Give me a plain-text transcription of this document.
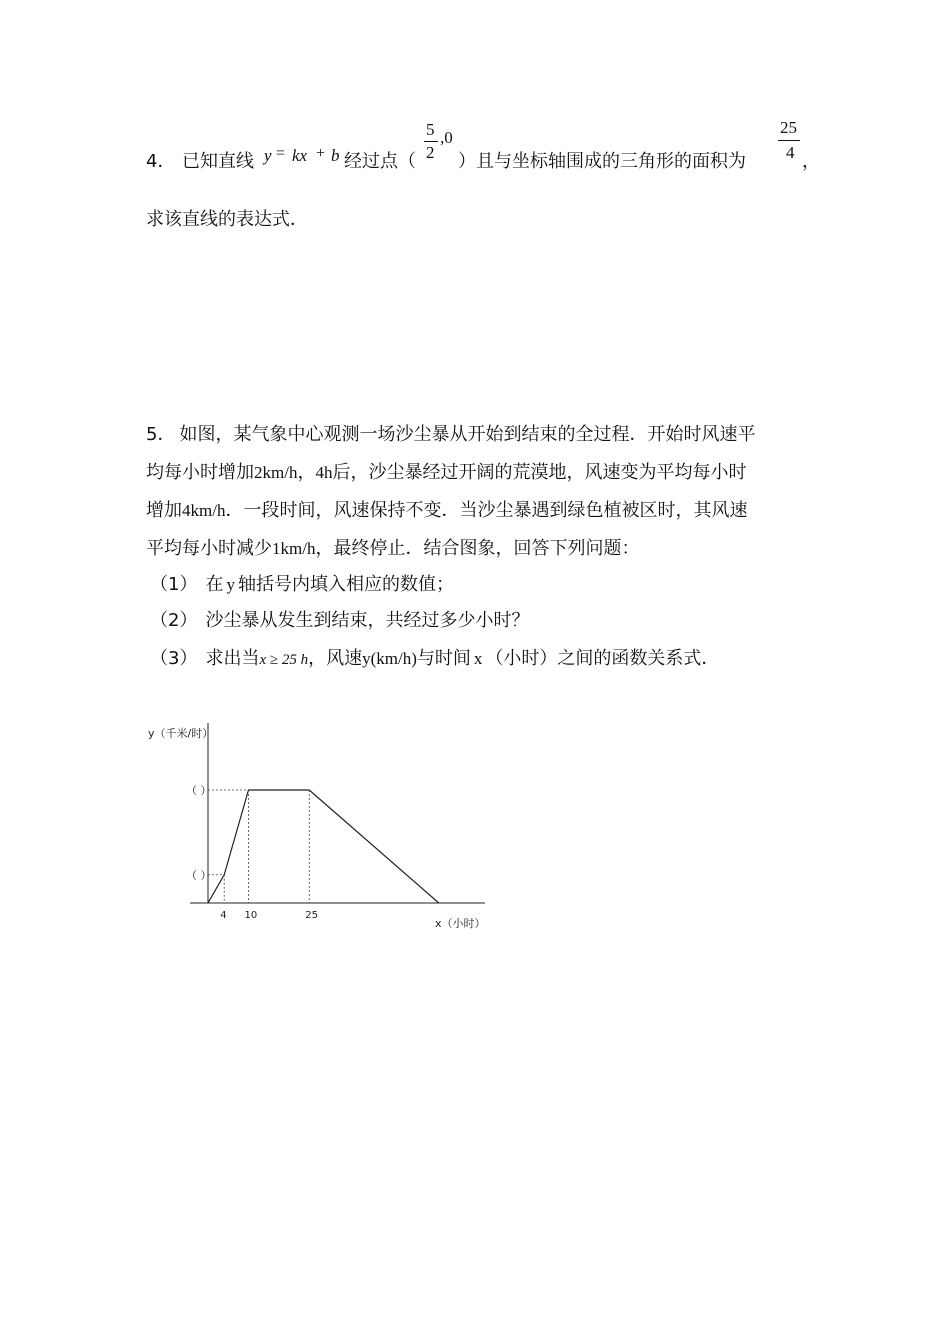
4． 已知直线 y = kx + b 经过点（
5
2
,0
）且与坐标轴围成的三角形的面积为
25
4 ，
求该直线的表达式．
5． 如图，某气象中心观测一场沙尘暴从开始到结束的全过程．开始时风速平
均每小时增加2km/h，4h后，沙尘暴经过开阔的荒漠地，风速变为平均每小时
增加4km/h．一段时间，风速保持不变．当沙尘暴遇到绿色植被区时，其风速
平均每小时减少1km/h，最终停止．结合图象，回答下列问题：
（1） 在 y 轴括号内填入相应的数值；
（2） 沙尘暴从发生到结束，共经过多少小时？
（3） 求出当x ≥ 25 h，风速y(km/h)与时间 x （小时）之间的函数关系式．
y（千米/时）
x（小时）
（ ）
（ ）
4 10	25
